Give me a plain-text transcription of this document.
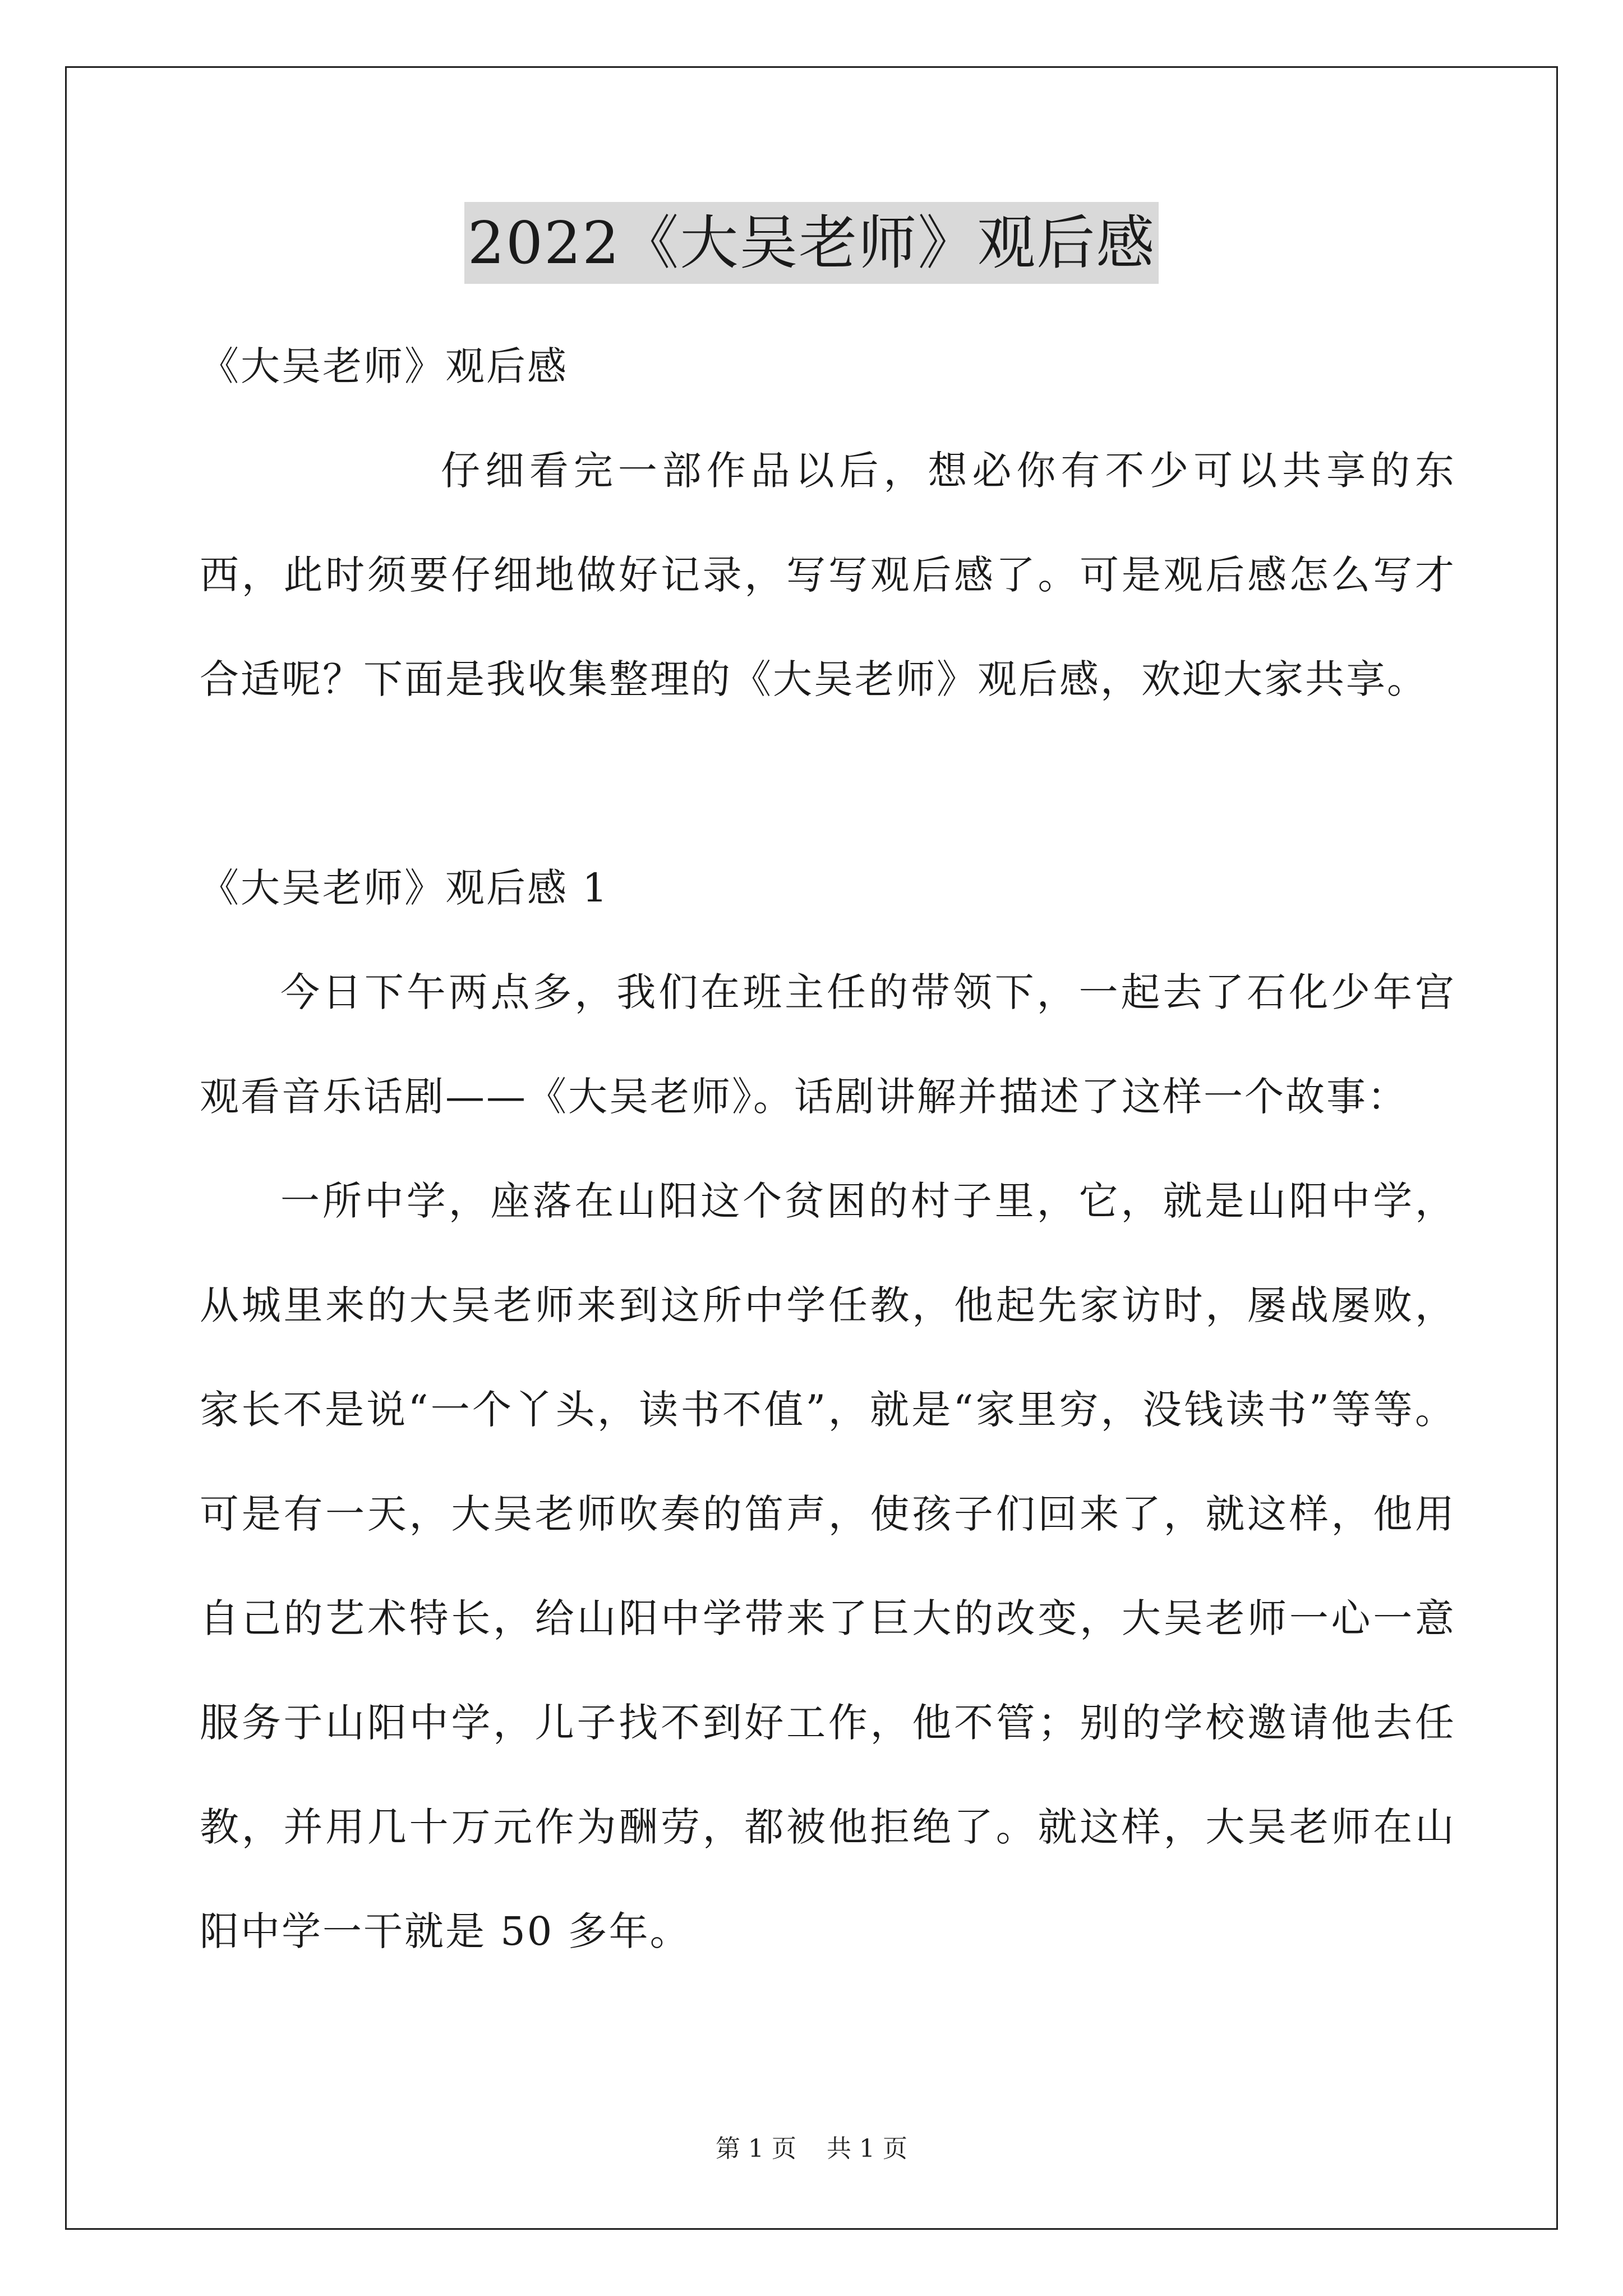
2022《大吴老师》观后感

《大吴老师》观后感

仔细看完一部作品以后，想必你有不少可以共享的东西，此时须要仔细地做好记录，写写观后感了。可是观后感怎么写才合适呢？下面是我收集整理的《大吴老师》观后感，欢迎大家共享。

《大吴老师》观后感 1

今日下午两点多，我们在班主任的带领下，一起去了石化少年宫观看音乐话剧——《大吴老师》。话剧讲解并描述了这样一个故事：

一所中学，座落在山阳这个贫困的村子里，它，就是山阳中学，从城里来的大吴老师来到这所中学任教，他起先家访时，屡战屡败，家长不是说“一个丫头，读书不值”，就是“家里穷，没钱读书”等等。可是有一天，大吴老师吹奏的笛声，使孩子们回来了，就这样，他用自己的艺术特长，给山阳中学带来了巨大的改变，大吴老师一心一意服务于山阳中学，儿子找不到好工作，他不管；别的学校邀请他去任教，并用几十万元作为酬劳，都被他拒绝了。就这样，大吴老师在山阳中学一干就是 50 多年。

第 1 页 共 1 页
